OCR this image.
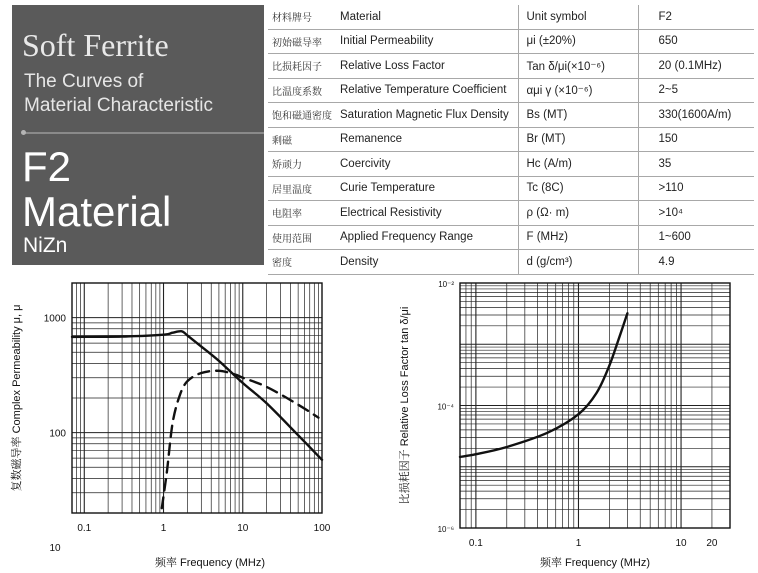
Soft Ferrite
The Curves of
Material Characteristic
F2
Material
NiZn
材料牌号	Material	Unit symbol	F2
初始磁导率	Initial Permeability	μi (±20%)	650
比损耗因子	Relative Loss Factor	Tan δ/μi(×10⁻⁶)	20 (0.1MHz)
比温度系数	Relative Temperature Coefficient	αμi γ (×10⁻⁶)	2~5
饱和磁通密度	Saturation Magnetic Flux Density	Bs (MT)	330(1600A/m)
剩磁	Remanence	Br (MT)	150
矫顽力	Coercivity	Hc (A/m)	35
居里温度	Curie Temperature	Tc (8C)	>110
电阻率	Electrical Resistivity	ρ (Ω· m)	>10⁴
使用范围	Applied Frequency Range	F (MHz)	1~600
密度	Density	d (g/cm³)	4.9
0.1	1	10	100
100
1000
频率 Frequency (MHz)
复数磁导率 Complex Permeability μ, μ
10	0.1	1	10 20
10⁻⁶
10⁻⁴
10⁻²
频率 Frequency (MHz)
比损耗因子 Relative Loss Factor tan δ/μi
